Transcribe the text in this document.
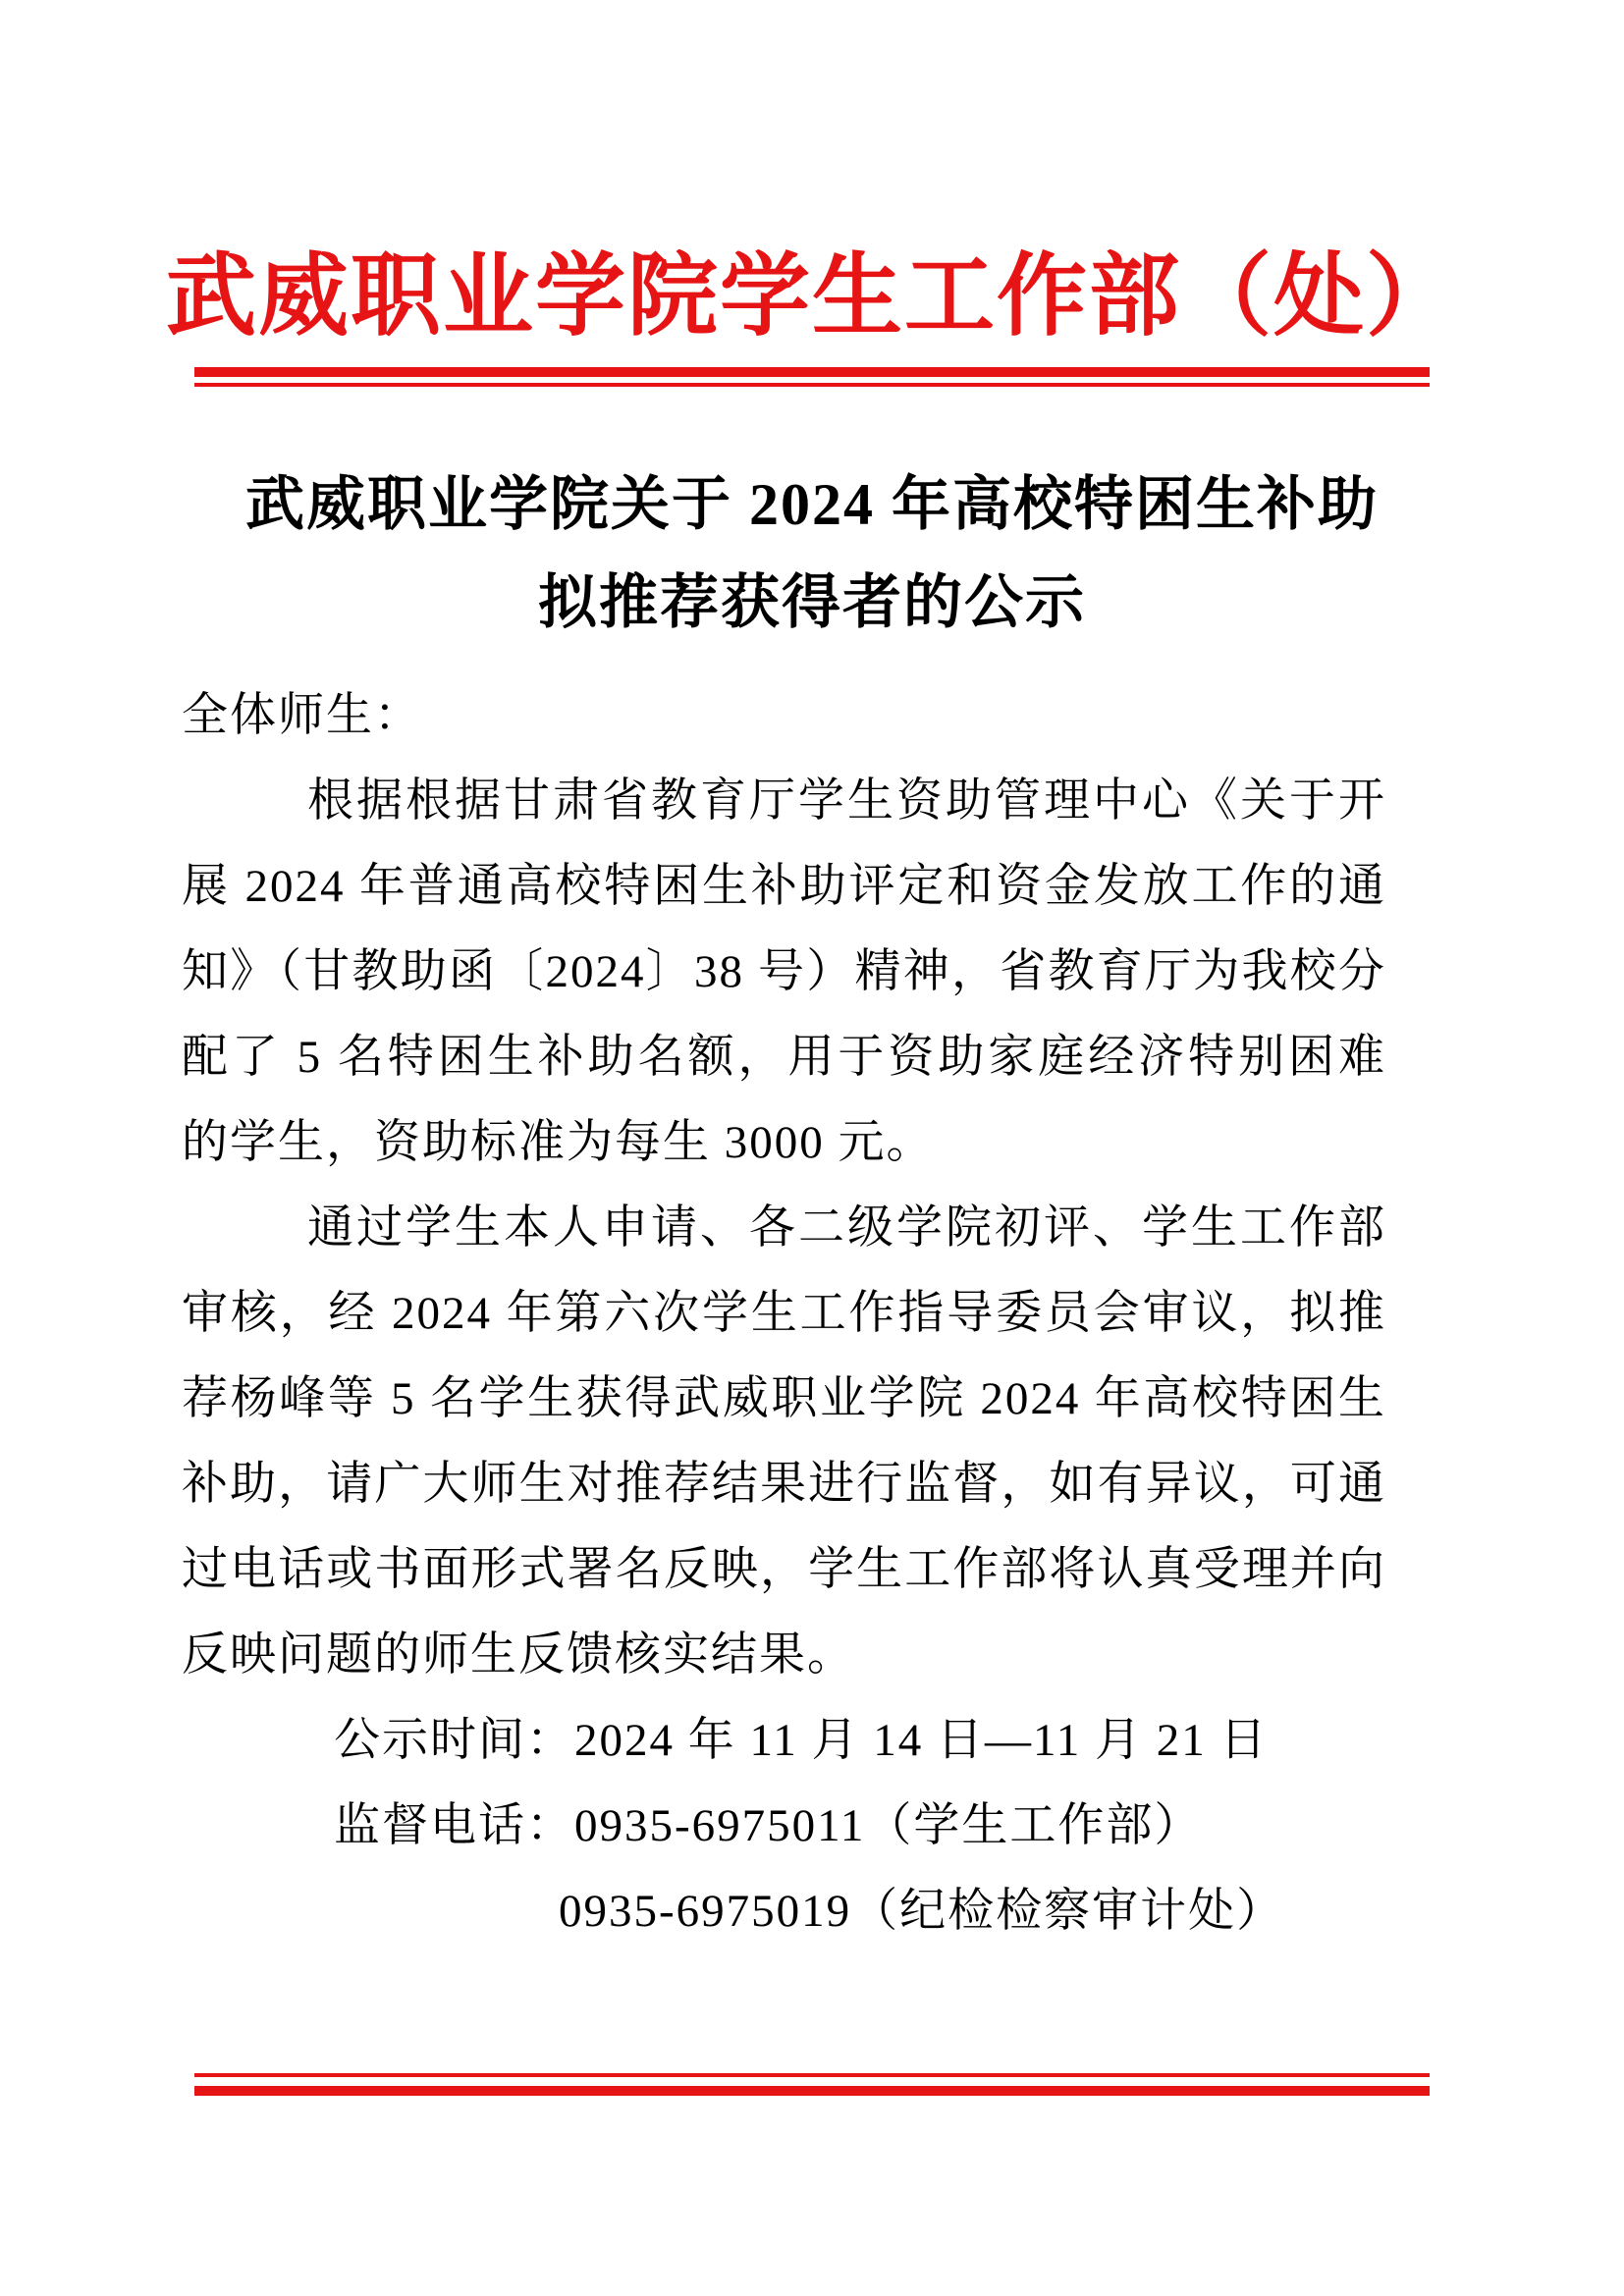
武威职业学院学生工作部（处）

武威职业学院关于 2024 年高校特困生补助

拟推荐获得者的公示

全体师生：

根据根据甘肃省教育厅学生资助管理中心《关于开展 2024 年普通高校特困生补助评定和资金发放工作的通知》（甘教助函〔2024〕38 号）精神，省教育厅为我校分配了 5 名特困生补助名额，用于资助家庭经济特别困难的学生，资助标准为每生 3000 元。

通过学生本人申请、各二级学院初评、学生工作部审核，经 2024 年第六次学生工作指导委员会审议，拟推荐杨峰等 5 名学生获得武威职业学院 2024 年高校特困生补助，请广大师生对推荐结果进行监督，如有异议，可通过电话或书面形式署名反映，学生工作部将认真受理并向反映问题的师生反馈核实结果。

公示时间：2024 年 11 月 14 日—11 月 21 日

监督电话：0935-6975011（学生工作部）

0935-6975019（纪检检察审计处）
